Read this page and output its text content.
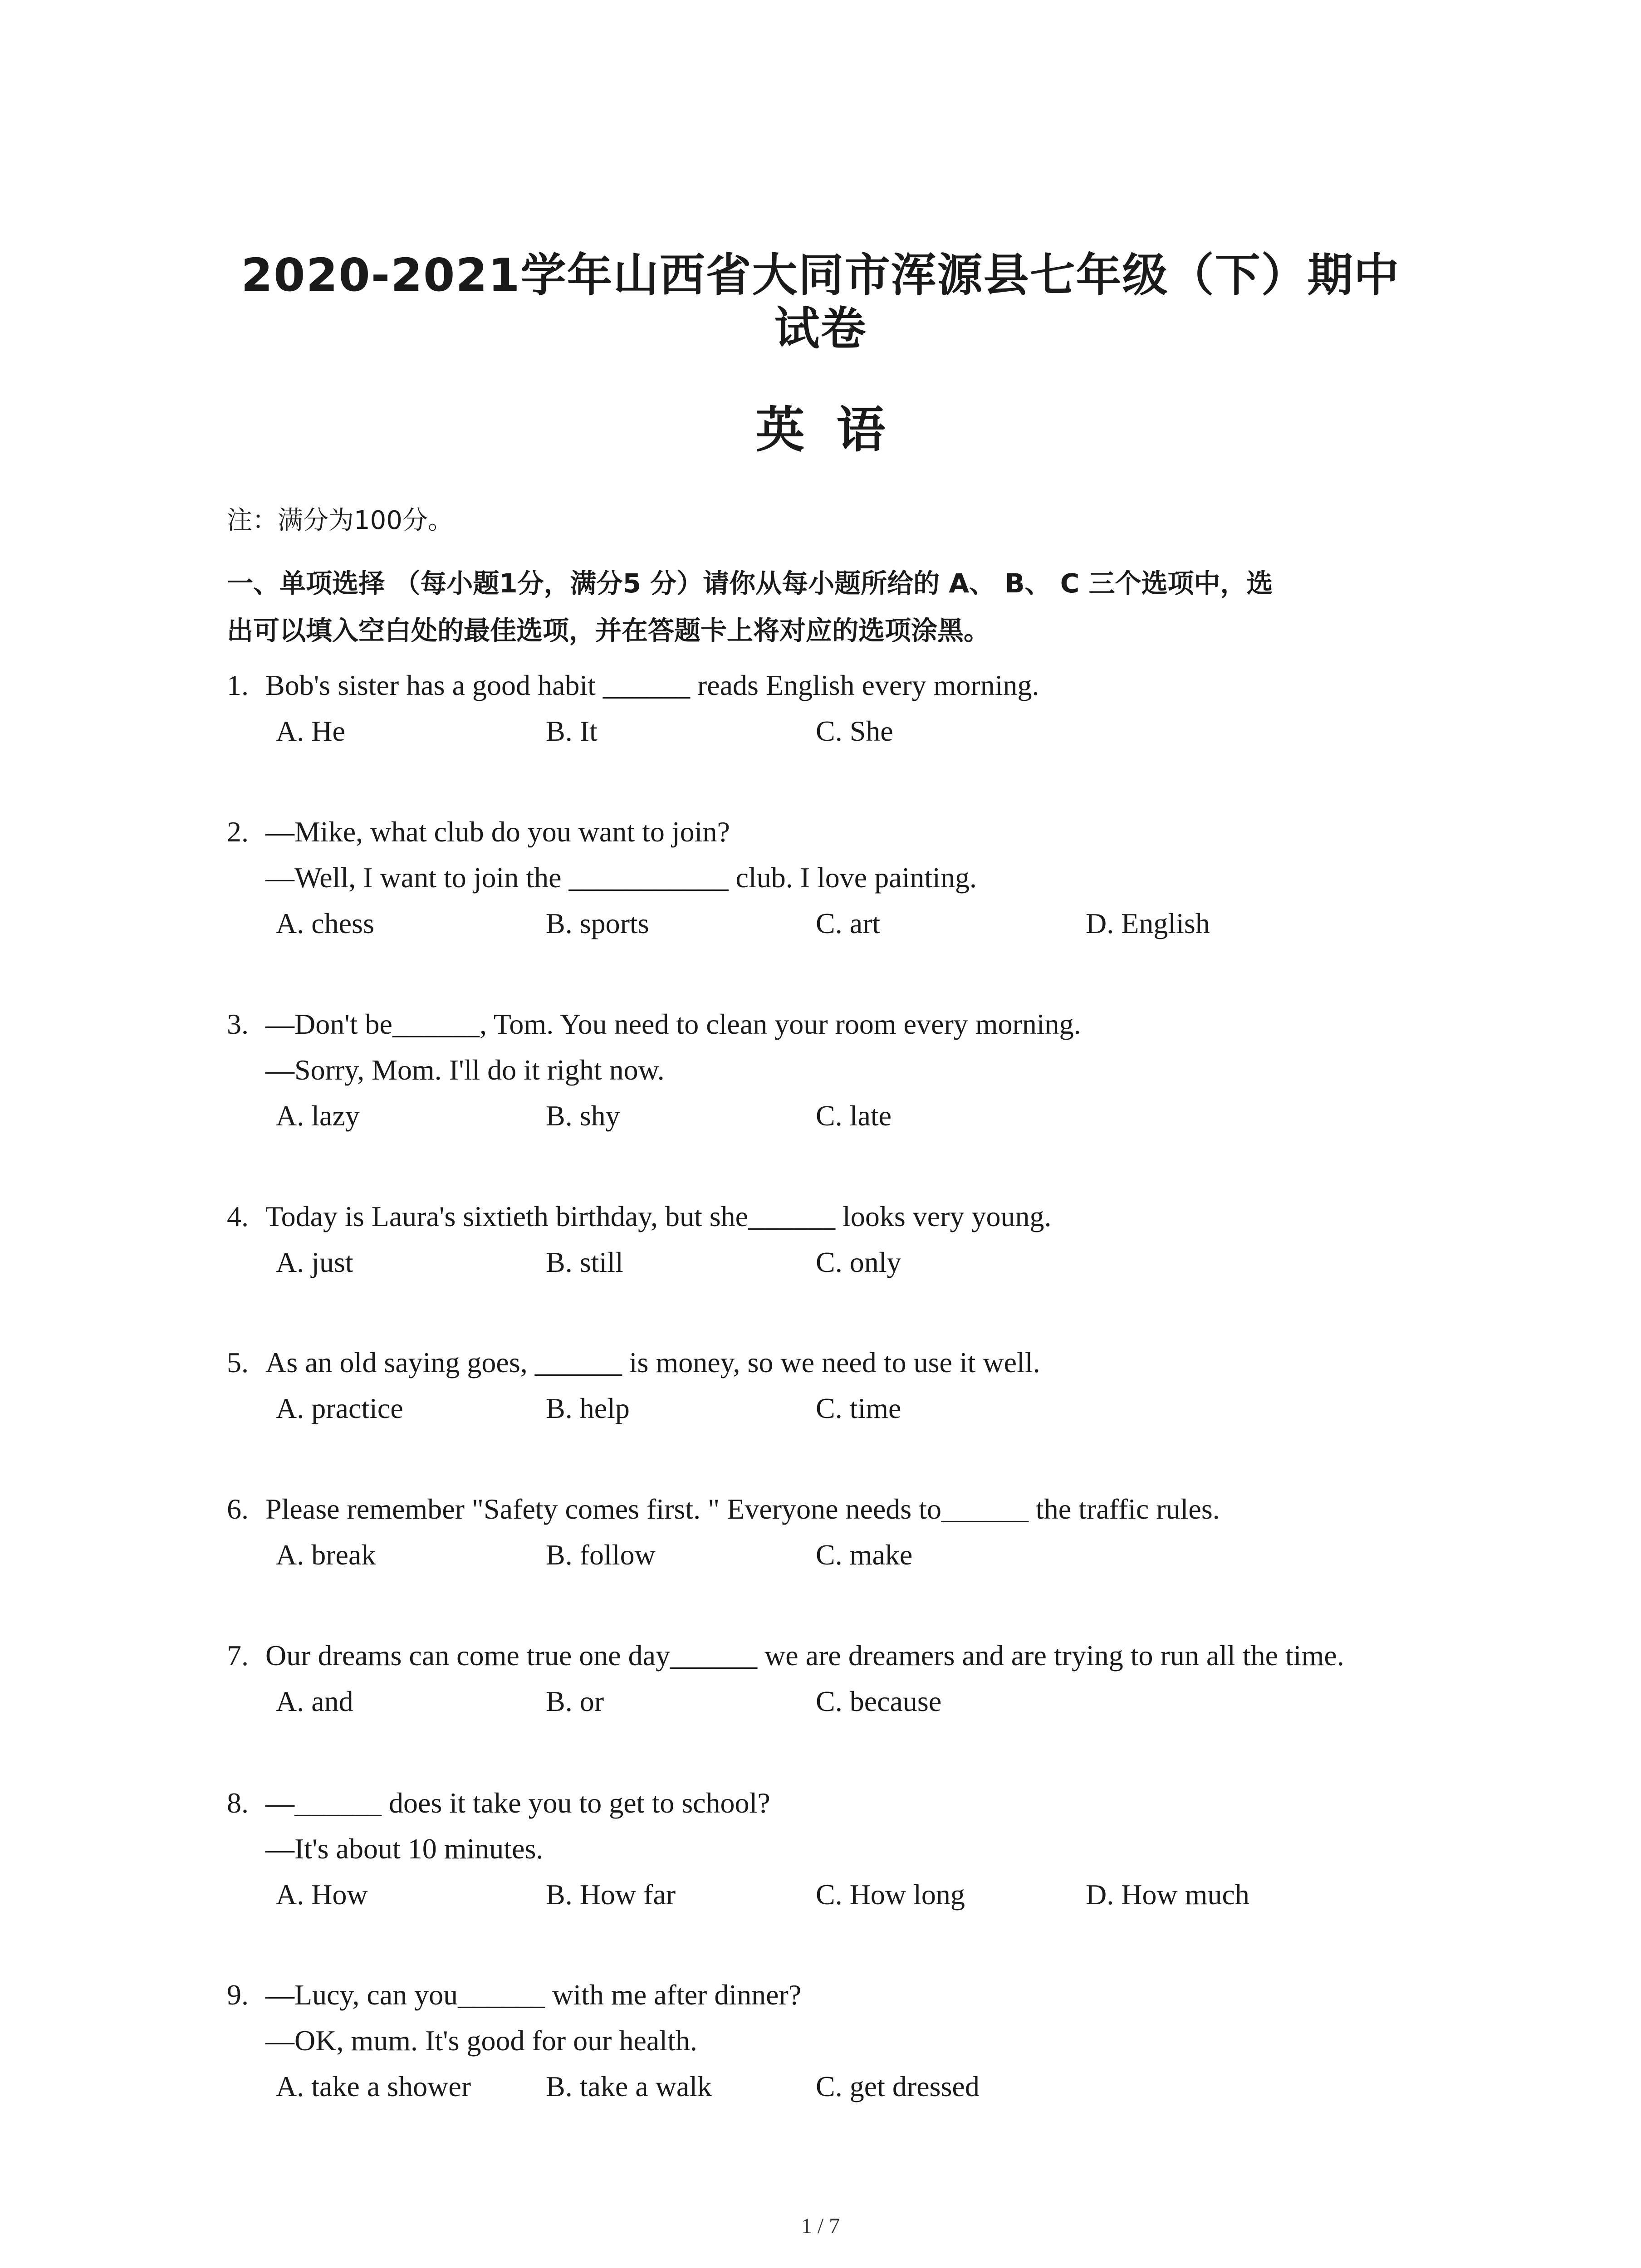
2020-2021学年山西省大同市浑源县七年级（下）期中
试卷
英语
注：满分为100分。
一、单项选择 （每小题1分，满分5 分）请你从每小题所给的 A、 B、 C 三个选项中，选
出可以填入空白处的最佳选项，并在答题卡上将对应的选项涂黑。
1. Bob's sister has a good habit ______ reads English every morning.
A. He	B. It	C. She
2. —Mike, what club do you want to join?
—Well, I want to join the ___________ club. I love painting.
A. chess	B. sports	C. art	D. English
3. —Don't be______, Tom. You need to clean your room every morning.
—Sorry, Mom. I'll do it right now.
A. lazy	B. shy	C. late
4. Today is Laura's sixtieth birthday, but she______ looks very young.
A. just	B. still	C. only
5. As an old saying goes, ______ is money, so we need to use it well.
A. practice	B. help	C. time
6. Please remember "Safety comes first. " Everyone needs to______ the traffic rules.
A. break	B. follow	C. make
7. Our dreams can come true one day______ we are dreamers and are trying to run all the time.
A. and	B. or	C. because
8. —______ does it take you to get to school?
—It's about 10 minutes.
A. How	B. How far	C. How long	D. How much
9. —Lucy, can you______ with me after dinner?
—OK, mum. It's good for our health.
A. take a shower	B. take a walk	C. get dressed
1 / 7
